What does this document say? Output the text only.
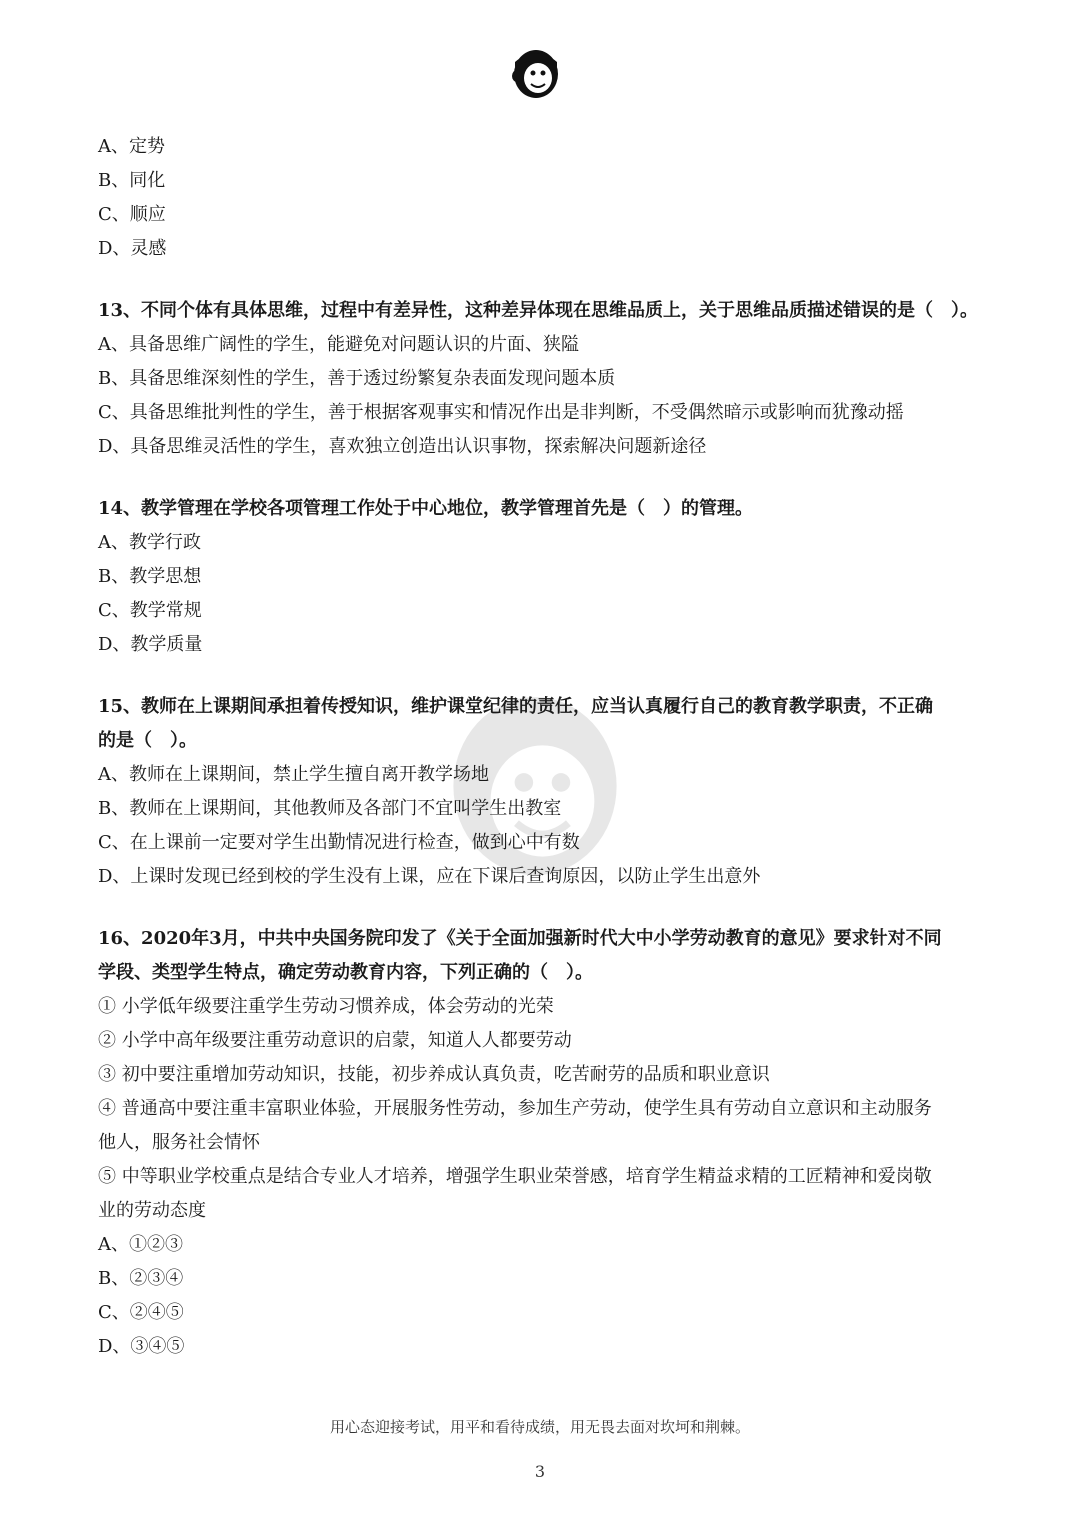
A、定势
B、同化
C、顺应
D、灵感
13、不同个体有具体思维，过程中有差异性，这种差异体现在思维品质上，关于思维品质描述错误的是（　）。
A、具备思维广阔性的学生，能避免对问题认识的片面、狭隘
B、具备思维深刻性的学生，善于透过纷繁复杂表面发现问题本质
C、具备思维批判性的学生，善于根据客观事实和情况作出是非判断，不受偶然暗示或影响而犹豫动摇
D、具备思维灵活性的学生，喜欢独立创造出认识事物，探索解决问题新途径
14、教学管理在学校各项管理工作处于中心地位，教学管理首先是（　）的管理。
A、教学行政
B、教学思想
C、教学常规
D、教学质量
15、教师在上课期间承担着传授知识，维护课堂纪律的责任，应当认真履行自己的教育教学职责，不正确
的是（　）。
A、教师在上课期间，禁止学生擅自离开教学场地
B、教师在上课期间，其他教师及各部门不宜叫学生出教室
C、在上课前一定要对学生出勤情况进行检查，做到心中有数
D、上课时发现已经到校的学生没有上课，应在下课后查询原因，以防止学生出意外
16、2020年3月，中共中央国务院印发了《关于全面加强新时代大中小学劳动教育的意见》要求针对不同
学段、类型学生特点，确定劳动教育内容，下列正确的（　）。
① 小学低年级要注重学生劳动习惯养成，体会劳动的光荣
② 小学中高年级要注重劳动意识的启蒙，知道人人都要劳动
③ 初中要注重增加劳动知识，技能，初步养成认真负责，吃苦耐劳的品质和职业意识
④ 普通高中要注重丰富职业体验，开展服务性劳动，参加生产劳动，使学生具有劳动自立意识和主动服务
他人，服务社会情怀
⑤ 中等职业学校重点是结合专业人才培养，增强学生职业荣誉感，培育学生精益求精的工匠精神和爱岗敬
业的劳动态度
A、①②③
B、②③④
C、②④⑤
D、③④⑤
用心态迎接考试，用平和看待成绩，用无畏去面对坎坷和荆棘。
3
